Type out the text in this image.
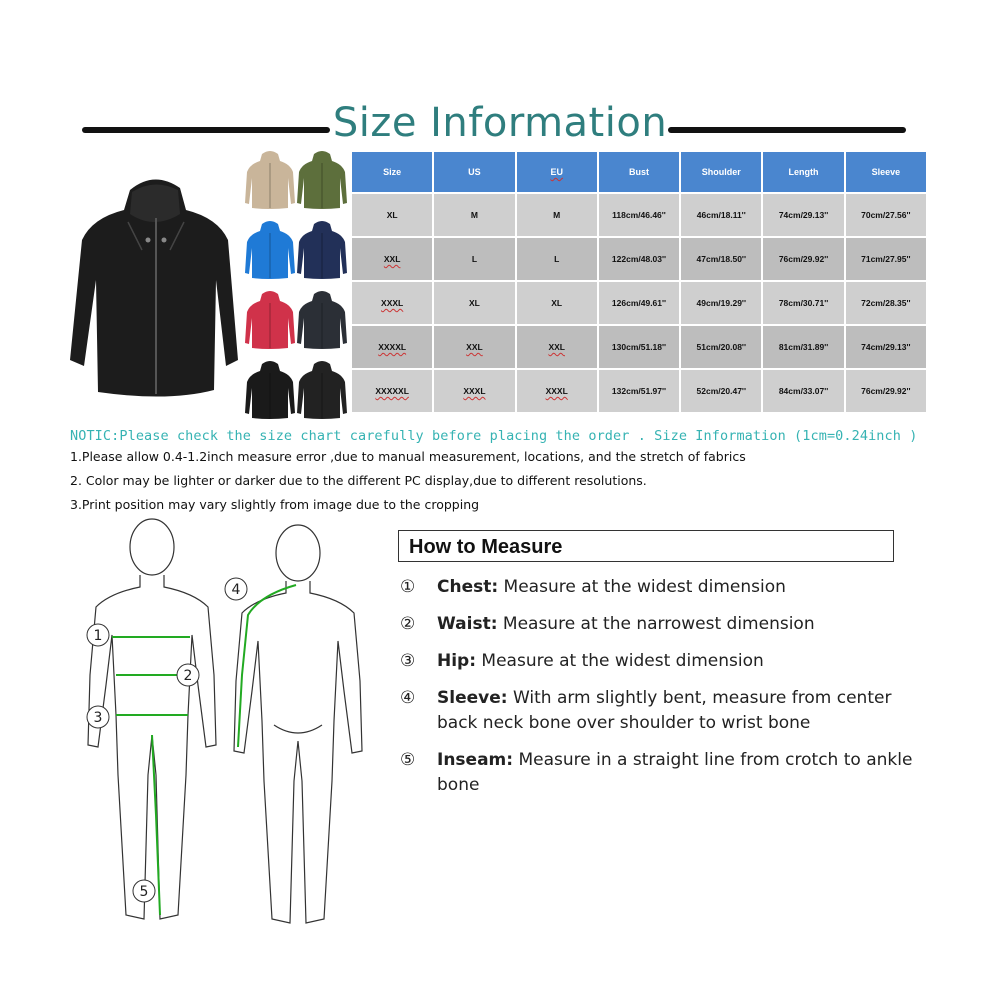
Size Information
Size	US	EU	Bust	Shoulder	Length	Sleeve
XL	M	M	118cm/46.46''	46cm/18.11''	74cm/29.13''	70cm/27.56''
XXL	L	L	122cm/48.03''	47cm/18.50''	76cm/29.92''	71cm/27.95''
XXXL	XL	XL	126cm/49.61''	49cm/19.29''	78cm/30.71''	72cm/28.35''
XXXXL	XXL	XXL	130cm/51.18''	51cm/20.08''	81cm/31.89''	74cm/29.13''
XXXXXL	XXXL	XXXL	132cm/51.97''	52cm/20.47''	84cm/33.07''	76cm/29.92''
NOTIC:Please check the size chart carefully before placing the order . Size Information (1cm=0.24inch )
1.Please allow 0.4-1.2inch measure error ,due to manual measurement, locations, and the stretch of fabrics
2. Color may be lighter or darker due to the different PC display,due to different resolutions.
3.Print position may vary slightly from image due to the cropping
1
2
3
4
5
How to Measure
① Chest: Measure at the widest dimension
② Waist: Measure at the narrowest dimension
③ Hip: Measure at the widest dimension
④ Sleeve: With arm slightly bent, measure from center back neck bone over shoulder to wrist bone
⑤ Inseam: Measure in a straight line from crotch to ankle bone
